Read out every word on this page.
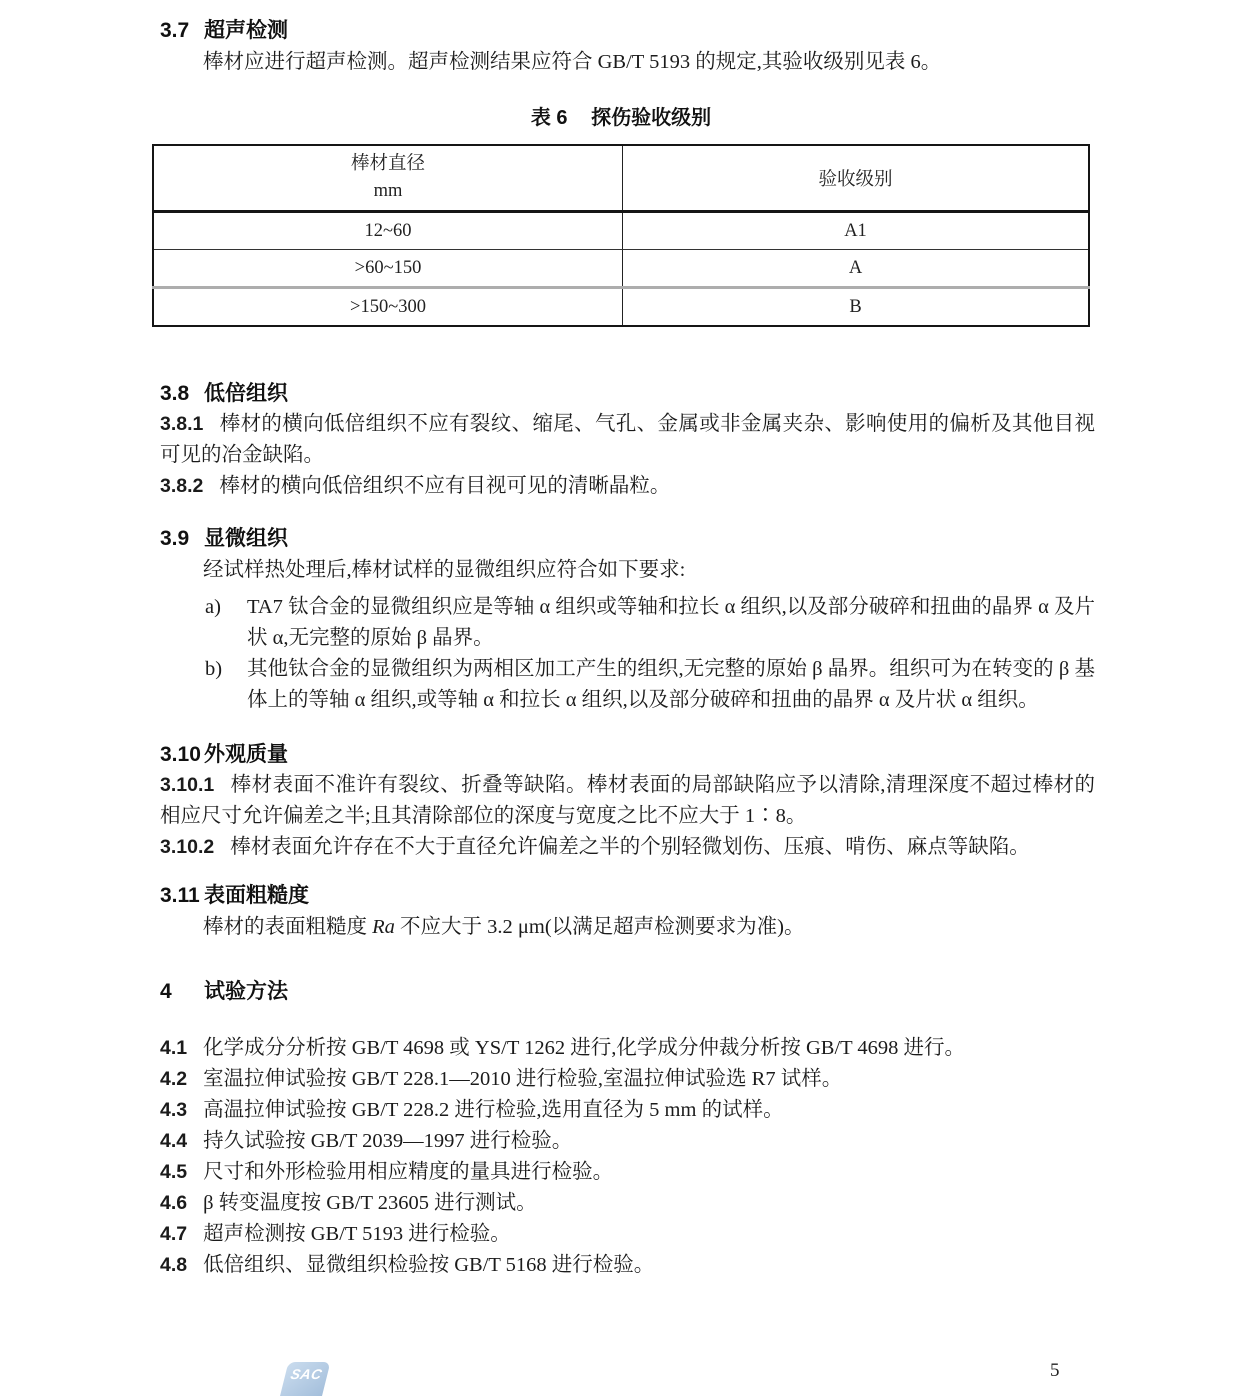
3.7 超声检测

棒材应进行超声检测。超声检测结果应符合 GB/T 5193 的规定,其验收级别见表 6。

表 6 探伤验收级别
棒材直径
mm	验收级别
12~60	A1
>60~150	A
>150~300	B
3.8 低倍组织

3.8.1 棒材的横向低倍组织不应有裂纹、缩尾、气孔、金属或非金属夹杂、影响使用的偏析及其他目视可见的冶金缺陷。

3.8.2 棒材的横向低倍组织不应有目视可见的清晰晶粒。

3.9 显微组织

经试样热处理后,棒材试样的显微组织应符合如下要求:

a)	TA7 钛合金的显微组织应是等轴 α 组织或等轴和拉长 α 组织,以及部分破碎和扭曲的晶界 α 及片状 α,无完整的原始 β 晶界。
b)	其他钛合金的显微组织为两相区加工产生的组织,无完整的原始 β 晶界。组织可为在转变的 β 基体上的等轴 α 组织,或等轴 α 和拉长 α 组织,以及部分破碎和扭曲的晶界 α 及片状 α 组织。
3.10 外观质量

3.10.1 棒材表面不准许有裂纹、折叠等缺陷。棒材表面的局部缺陷应予以清除,清理深度不超过棒材的相应尺寸允许偏差之半;且其清除部位的深度与宽度之比不应大于 1∶8。

3.10.2 棒材表面允许存在不大于直径允许偏差之半的个别轻微划伤、压痕、啃伤、麻点等缺陷。

3.11 表面粗糙度

棒材的表面粗糙度 Ra 不应大于 3.2 μm(以满足超声检测要求为准)。

4	试验方法

4.1 化学成分分析按 GB/T 4698 或 YS/T 1262 进行,化学成分仲裁分析按 GB/T 4698 进行。

4.2 室温拉伸试验按 GB/T 228.1—2010 进行检验,室温拉伸试验选 R7 试样。

4.3 高温拉伸试验按 GB/T 228.2 进行检验,选用直径为 5 mm 的试样。

4.4 持久试验按 GB/T 2039—1997 进行检验。

4.5 尺寸和外形检验用相应精度的量具进行检验。

4.6 β 转变温度按 GB/T 23605 进行测试。

4.7 超声检测按 GB/T 5193 进行检验。

4.8 低倍组织、显微组织检验按 GB/T 5168 进行检验。

SAC	5
